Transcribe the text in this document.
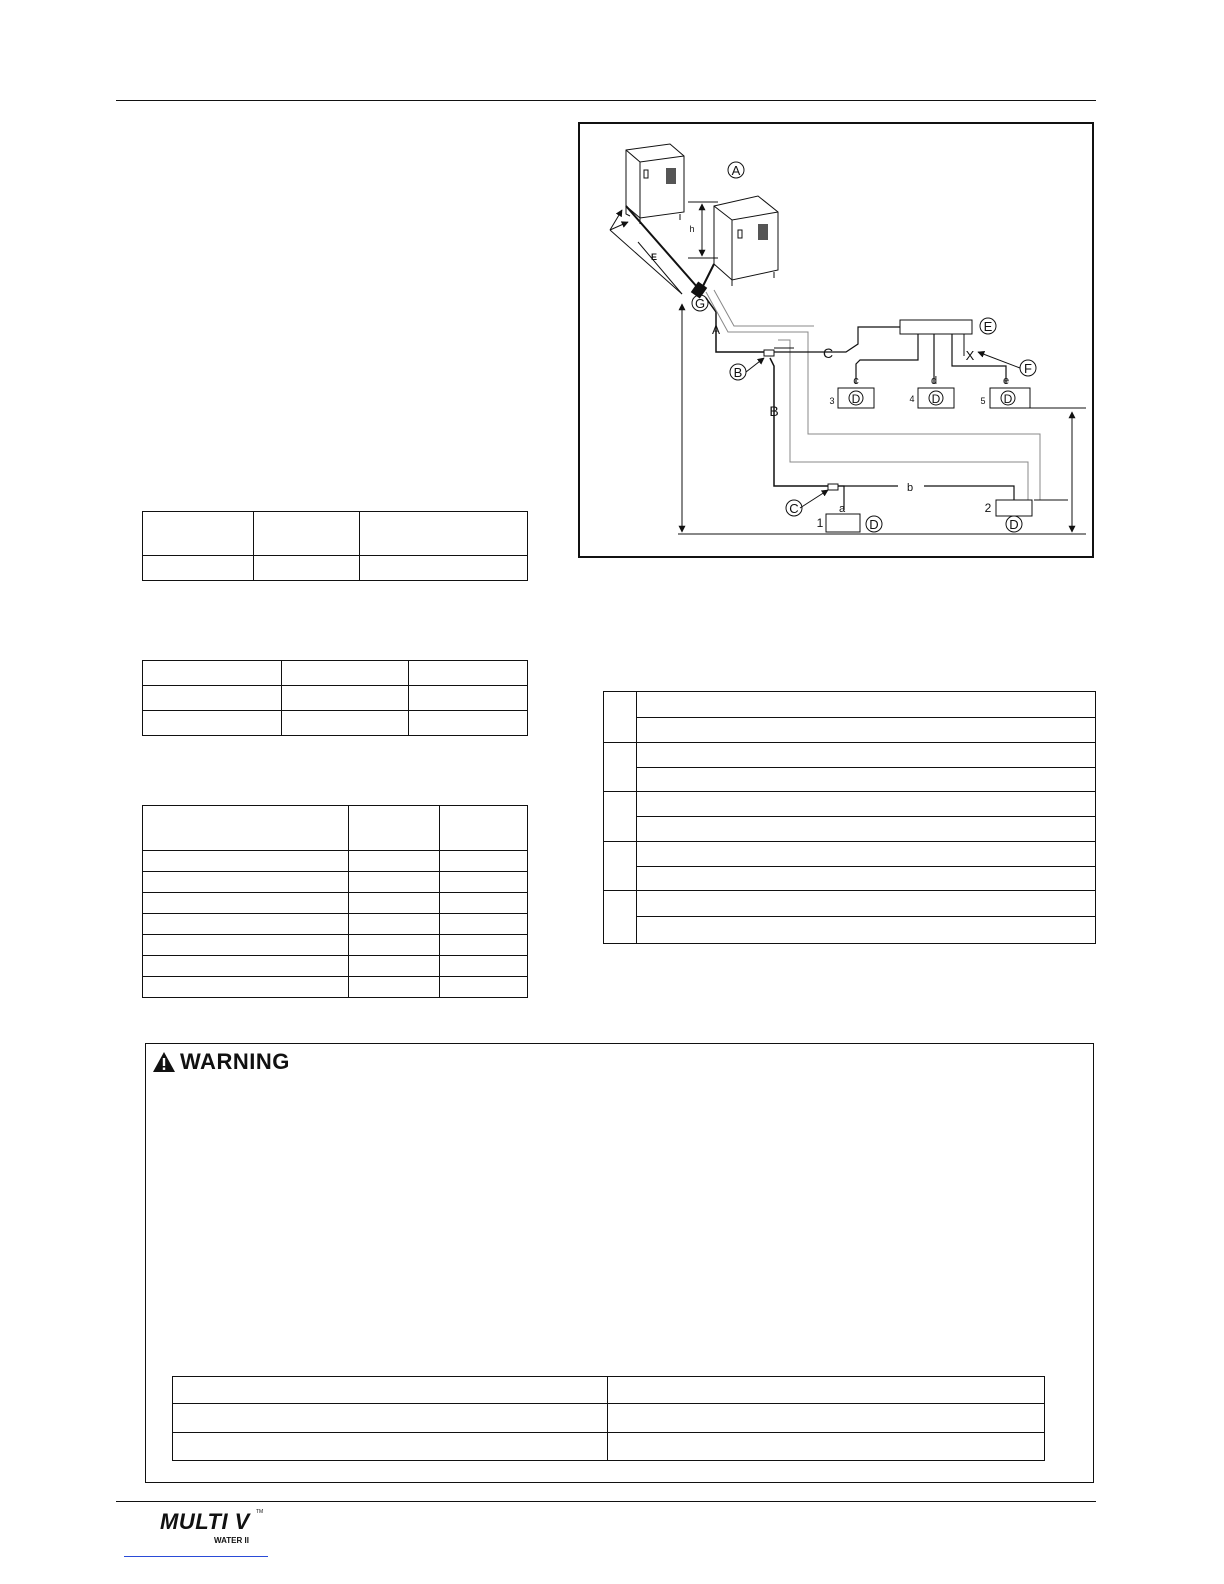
A
G
B
E
F
C
D	D	D
D	D
E
h
A
C
B
b
a
c	d	e
X
3	4	5
1
2
WARNING

MULTI V TM
WATER II
